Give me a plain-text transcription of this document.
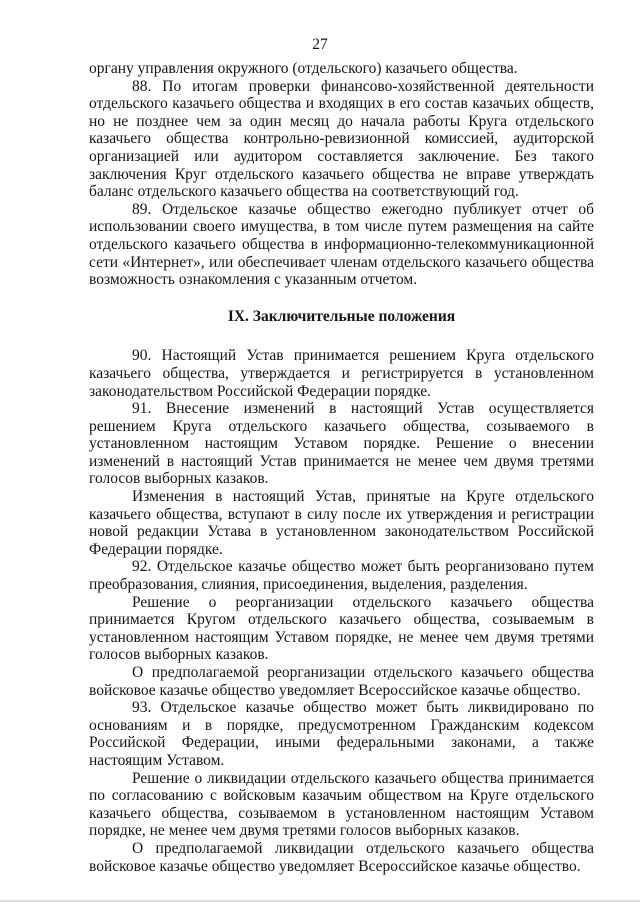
27

органу управления окружного (отдельского) казачьего общества.

88. По итогам проверки финансово-хозяйственной деятельности отдельского казачьего общества и входящих в его состав казачьих обществ, но не позднее чем за один месяц до начала работы Круга отдельского казачьего общества контрольно-ревизионной комиссией, аудиторской организацией или аудитором составляется заключение. Без такого заключения Круг отдельского казачьего общества не вправе утверждать баланс отдельского казачьего общества на соответствующий год.

89. Отдельское казачье общество ежегодно публикует отчет об использовании своего имущества, в том числе путем размещения на сайте отдельского казачьего общества в информационно-телекоммуникационной сети «Интернет», или обеспечивает членам отдельского казачьего общества возможность ознакомления с указанным отчетом.

IX. Заключительные положения

90. Настоящий Устав принимается решением Круга отдельского казачьего общества, утверждается и регистрируется в установленном законодательством Российской Федерации порядке.

91. Внесение изменений в настоящий Устав осуществляется решением Круга отдельского казачьего общества, созываемого в установленном настоящим Уставом порядке. Решение о внесении изменений в настоящий Устав принимается не менее чем двумя третями голосов выборных казаков.

Изменения в настоящий Устав, принятые на Круге отдельского казачьего общества, вступают в силу после их утверждения и регистрации новой редакции Устава в установленном законодательством Российской Федерации порядке.

92. Отдельское казачье общество может быть реорганизовано путем преобразования, слияния, присоединения, выделения, разделения.

Решение о реорганизации отдельского казачьего общества принимается Кругом отдельского казачьего общества, созываемым в установленном настоящим Уставом порядке, не менее чем двумя третями голосов выборных казаков.

О предполагаемой реорганизации отдельского казачьего общества войсковое казачье общество уведомляет Всероссийское казачье общество.

93. Отдельское казачье общество может быть ликвидировано по основаниям и в порядке, предусмотренном Гражданским кодексом Российской Федерации, иными федеральными законами, а также настоящим Уставом.

Решение о ликвидации отдельского казачьего общества принимается по согласованию с войсковым казачьим обществом на Круге отдельского казачьего общества, созываемом в установленном настоящим Уставом порядке, не менее чем двумя третями голосов выборных казаков.

О предполагаемой ликвидации отдельского казачьего общества войсковое казачье общество уведомляет Всероссийское казачье общество.
